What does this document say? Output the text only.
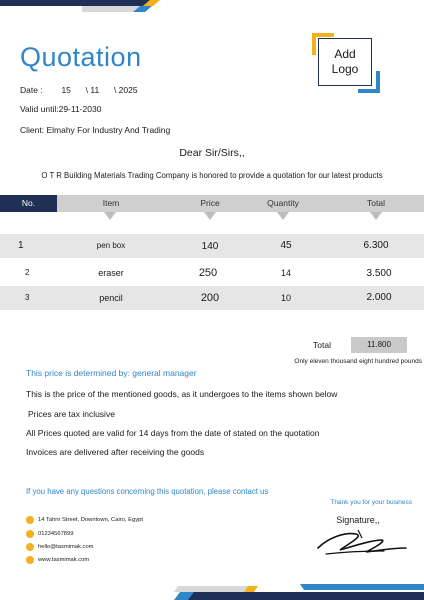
Quotation	Add
Logo
Date : 15 \ 11 \ 2025
Valid until:29-11-2030
Client: Elmahy For Industry And Trading
Dear Sir/Sirs,,
O T R Building Materials Trading Company is honored to provide a quotation for our latest products
No.	Item	Price	Quantity	Total
1	pen box	140	45	6.300
2	eraser	250	14	3.500
3	pencil	200	10	2.000
Total	11.800
Only eleven thousand eight hundred pounds
This price is determined by: general manager
This is the price of the mentioned goods, as it undergoes to the items shown below
Prices are tax inclusive
All Prices quoted are valid for 14 days from the date of stated on the quotation
Invoices are delivered after receiving the goods
If you have any questions concerning this quotation, please contact us
Thank you for your business
Signature,,
14 Tahrir Street, Downtown, Cairo, Egypt
01234567899
hello@tasmimak.com
www.tasmimak.com
